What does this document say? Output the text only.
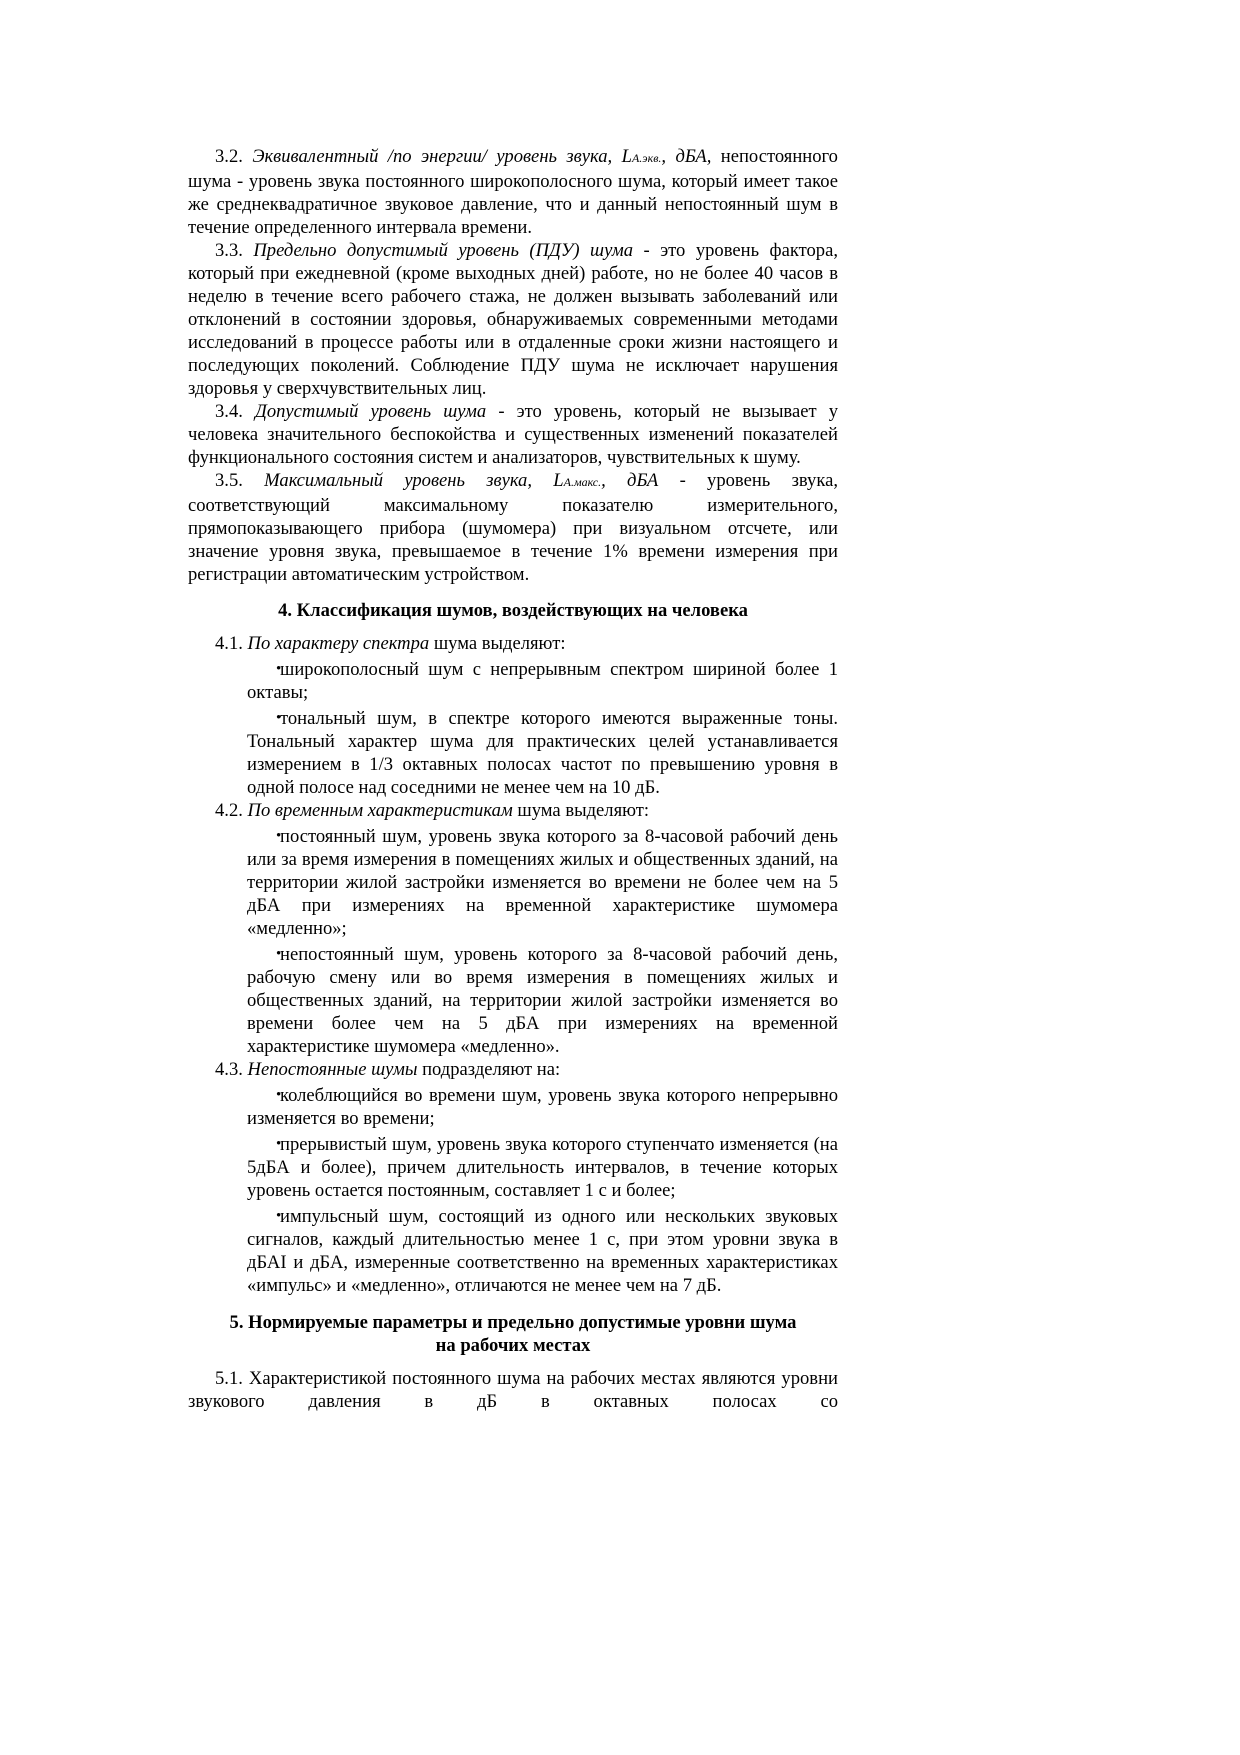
3.2. Эквивалентный /по энергии/ уровень звука, LА.экв., дБА, непостоянного шума - уровень звука постоянного широкополосного шума, который имеет такое же среднеквадратичное звуковое давление, что и данный непостоянный шум в течение определенного интервала времени.

3.3. Предельно допустимый уровень (ПДУ) шума - это уровень фактора, который при ежедневной (кроме выходных дней) работе, но не более 40 часов в неделю в течение всего рабочего стажа, не должен вызывать заболеваний или отклонений в состоянии здоровья, обнаруживаемых современными методами исследований в процессе работы или в отдаленные сроки жизни настоящего и последующих поколений. Соблюдение ПДУ шума не исключает нарушения здоровья у сверхчувствительных лиц.

3.4. Допустимый уровень шума - это уровень, который не вызывает у человека значительного беспокойства и существенных изменений показателей функционального состояния систем и анализаторов, чувствительных к шуму.

3.5. Максимальный уровень звука, LА.макс., дБА - уровень звука, соответствующий максимальному показателю измерительного, прямопоказывающего прибора (шумомера) при визуальном отсчете, или значение уровня звука, превышаемое в течение 1% времени измерения при регистрации автоматическим устройством.

4. Классификация шумов, воздействующих на человека

4.1. По характеру спектра шума выделяют:

•
широкополосный шум с непрерывным спектром шириной более 1 октавы;

•
тональный шум, в спектре которого имеются выраженные тоны. Тональный характер шума для практических целей устанавливается измерением в 1/3 октавных полосах частот по превышению уровня в одной полосе над соседними не менее чем на 10 дБ.

4.2. По временным характеристикам шума выделяют:

•
постоянный шум, уровень звука которого за 8-часовой рабочий день или за время измерения в помещениях жилых и общественных зданий, на территории жилой застройки изменяется во времени не более чем на 5 дБА при измерениях на временной характеристике шумомера «медленно»;

•
непостоянный шум, уровень которого за 8-часовой рабочий день, рабочую смену или во время измерения в помещениях жилых и общественных зданий, на территории жилой застройки изменяется во времени более чем на 5 дБА при измерениях на временной характеристике шумомера «медленно».

4.3. Непостоянные шумы подразделяют на:

•
колеблющийся во времени шум, уровень звука которого непрерывно изменяется во времени;

•
прерывистый шум, уровень звука которого ступенчато изменяется (на 5дБА и более), причем длительность интервалов, в течение которых уровень остается постоянным, составляет 1 с и более;

•
импульсный шум, состоящий из одного или нескольких звуковых сигналов, каждый длительностью менее 1 с, при этом уровни звука в дБАI и дБА, измеренные соответственно на временных характеристиках «импульс» и «медленно», отличаются не менее чем на 7 дБ.

5. Нормируемые параметры и предельно допустимые уровни шума
на рабочих местах

5.1. Характеристикой постоянного шума на рабочих местах являются уровни звукового давления в дБ в октавных полосах со
